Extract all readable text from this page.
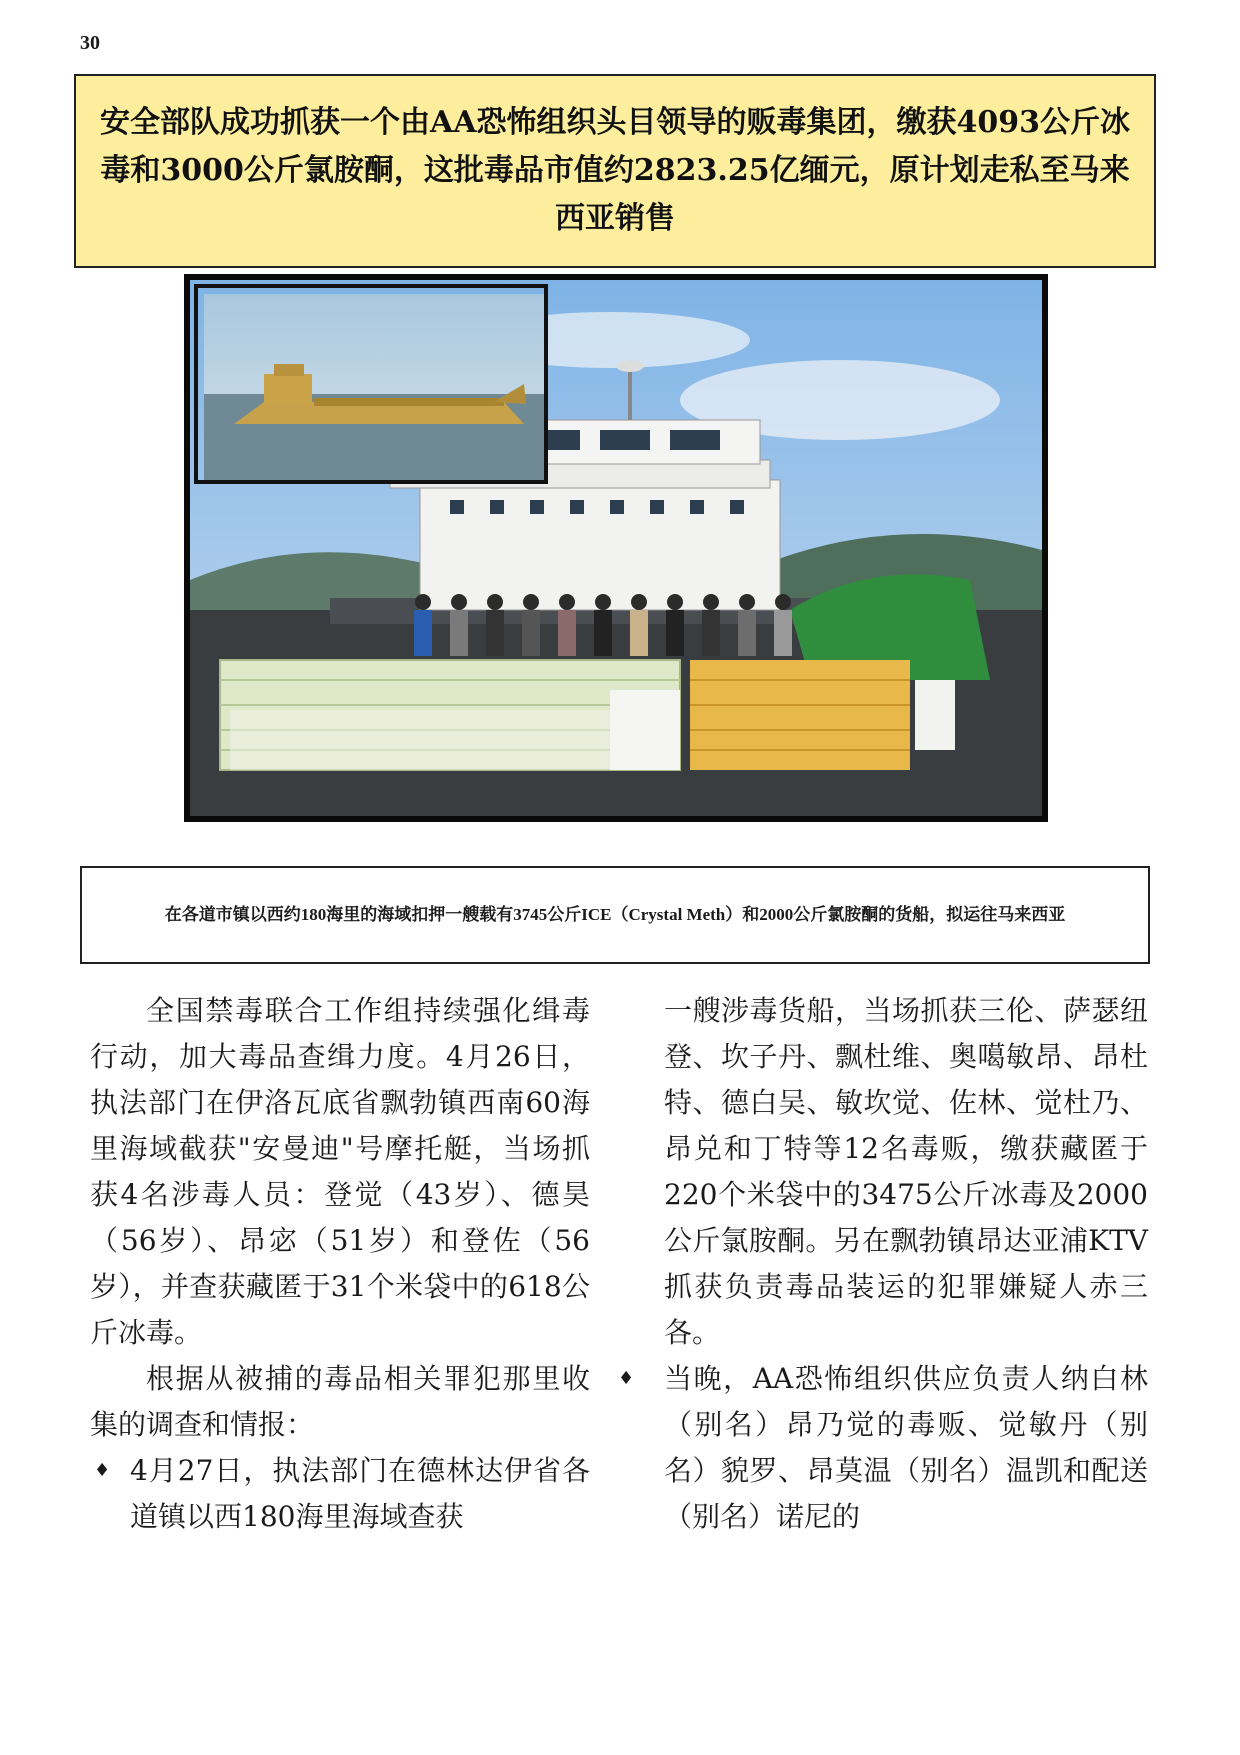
30
安全部队成功抓获一个由AA恐怖组织头目领导的贩毒集团，缴获4093公斤冰毒和3000公斤氯胺酮，这批毒品市值约2823.25亿缅元，原计划走私至马来西亚销售
在各道市镇以西约180海里的海域扣押一艘载有3745公斤ICE（Crystal Meth）和2000公斤氯胺酮的货船，拟运往马来西亚

全国禁毒联合工作组持续强化缉毒行动，加大毒品查缉力度。4月26日，执法部门在伊洛瓦底省飘勃镇西南60海里海域截获"安曼迪"号摩托艇，当场抓获4名涉毒人员：登觉（43岁）、德昊（56岁）、昂宓（51岁）和登佐（56岁），并查获藏匿于31个米袋中的618公斤冰毒。

根据从被捕的毒品相关罪犯那里收集的调查和情报：

♦ 4月27日，执法部门在德林达伊省各道镇以西180海里海域查获

一艘涉毒货船，当场抓获三伦、萨瑟纽登、坎子丹、飘杜维、奥噶敏昂、昂杜特、德白吴、敏坎觉、佐林、觉杜乃、昂兑和丁特等12名毒贩，缴获藏匿于220个米袋中的3475公斤冰毒及2000公斤氯胺酮。另在飘勃镇昂达亚浦KTV抓获负责毒品装运的犯罪嫌疑人赤三各。

♦ 当晚，AA恐怖组织供应负责人纳白林（别名）昂乃觉的毒贩、觉敏丹（别名）貌罗、昂莫温（别名）温凯和配送（别名）诺尼的
